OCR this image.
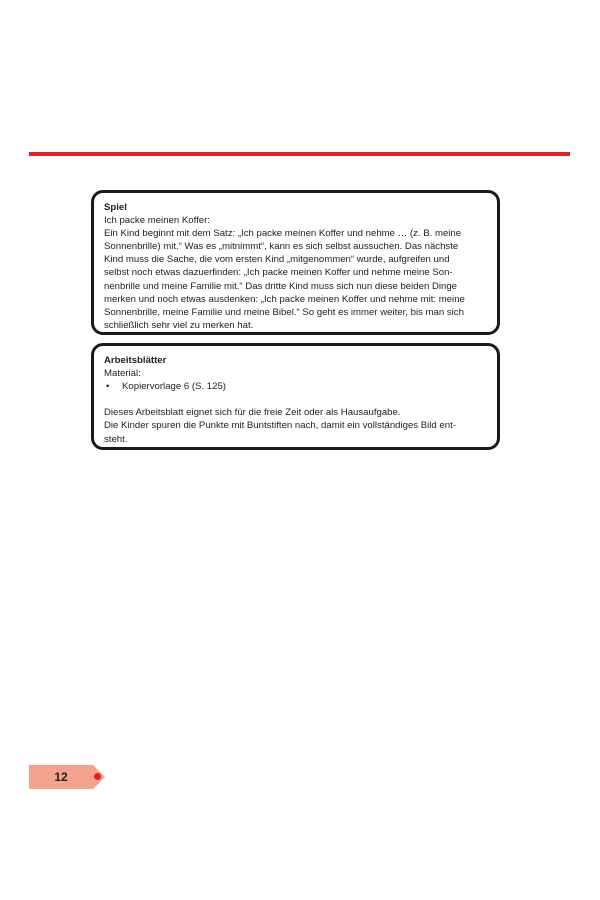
Spiel
Ich packe meinen Koffer:
Ein Kind beginnt mit dem Satz: „Ich packe meinen Koffer und nehme … (z. B. meine
Sonnenbrille) mit.“ Was es „mitnimmt“, kann es sich selbst aussuchen. Das nächste
Kind muss die Sache, die vom ersten Kind „mitgenommen“ wurde, aufgreifen und
selbst noch etwas dazuerfinden: „Ich packe meinen Koffer und nehme meine Son-
nenbrille und meine Familie mit.“ Das dritte Kind muss sich nun diese beiden Dinge
merken und noch etwas ausdenken: „Ich packe meinen Koffer und nehme mit: meine
Sonnenbrille, meine Familie und meine Bibel.“ So geht es immer weiter, bis man sich
schließlich sehr viel zu merken hat.
Arbeitsblätter
Material:
•	Kopiervorlage 6 (S. 125)
Dieses Arbeitsblatt eignet sich für die freie Zeit oder als Hausaufgabe.
Die Kinder spuren die Punkte mit Buntstiften nach, damit ein vollständiges Bild ent-
steht.
12
